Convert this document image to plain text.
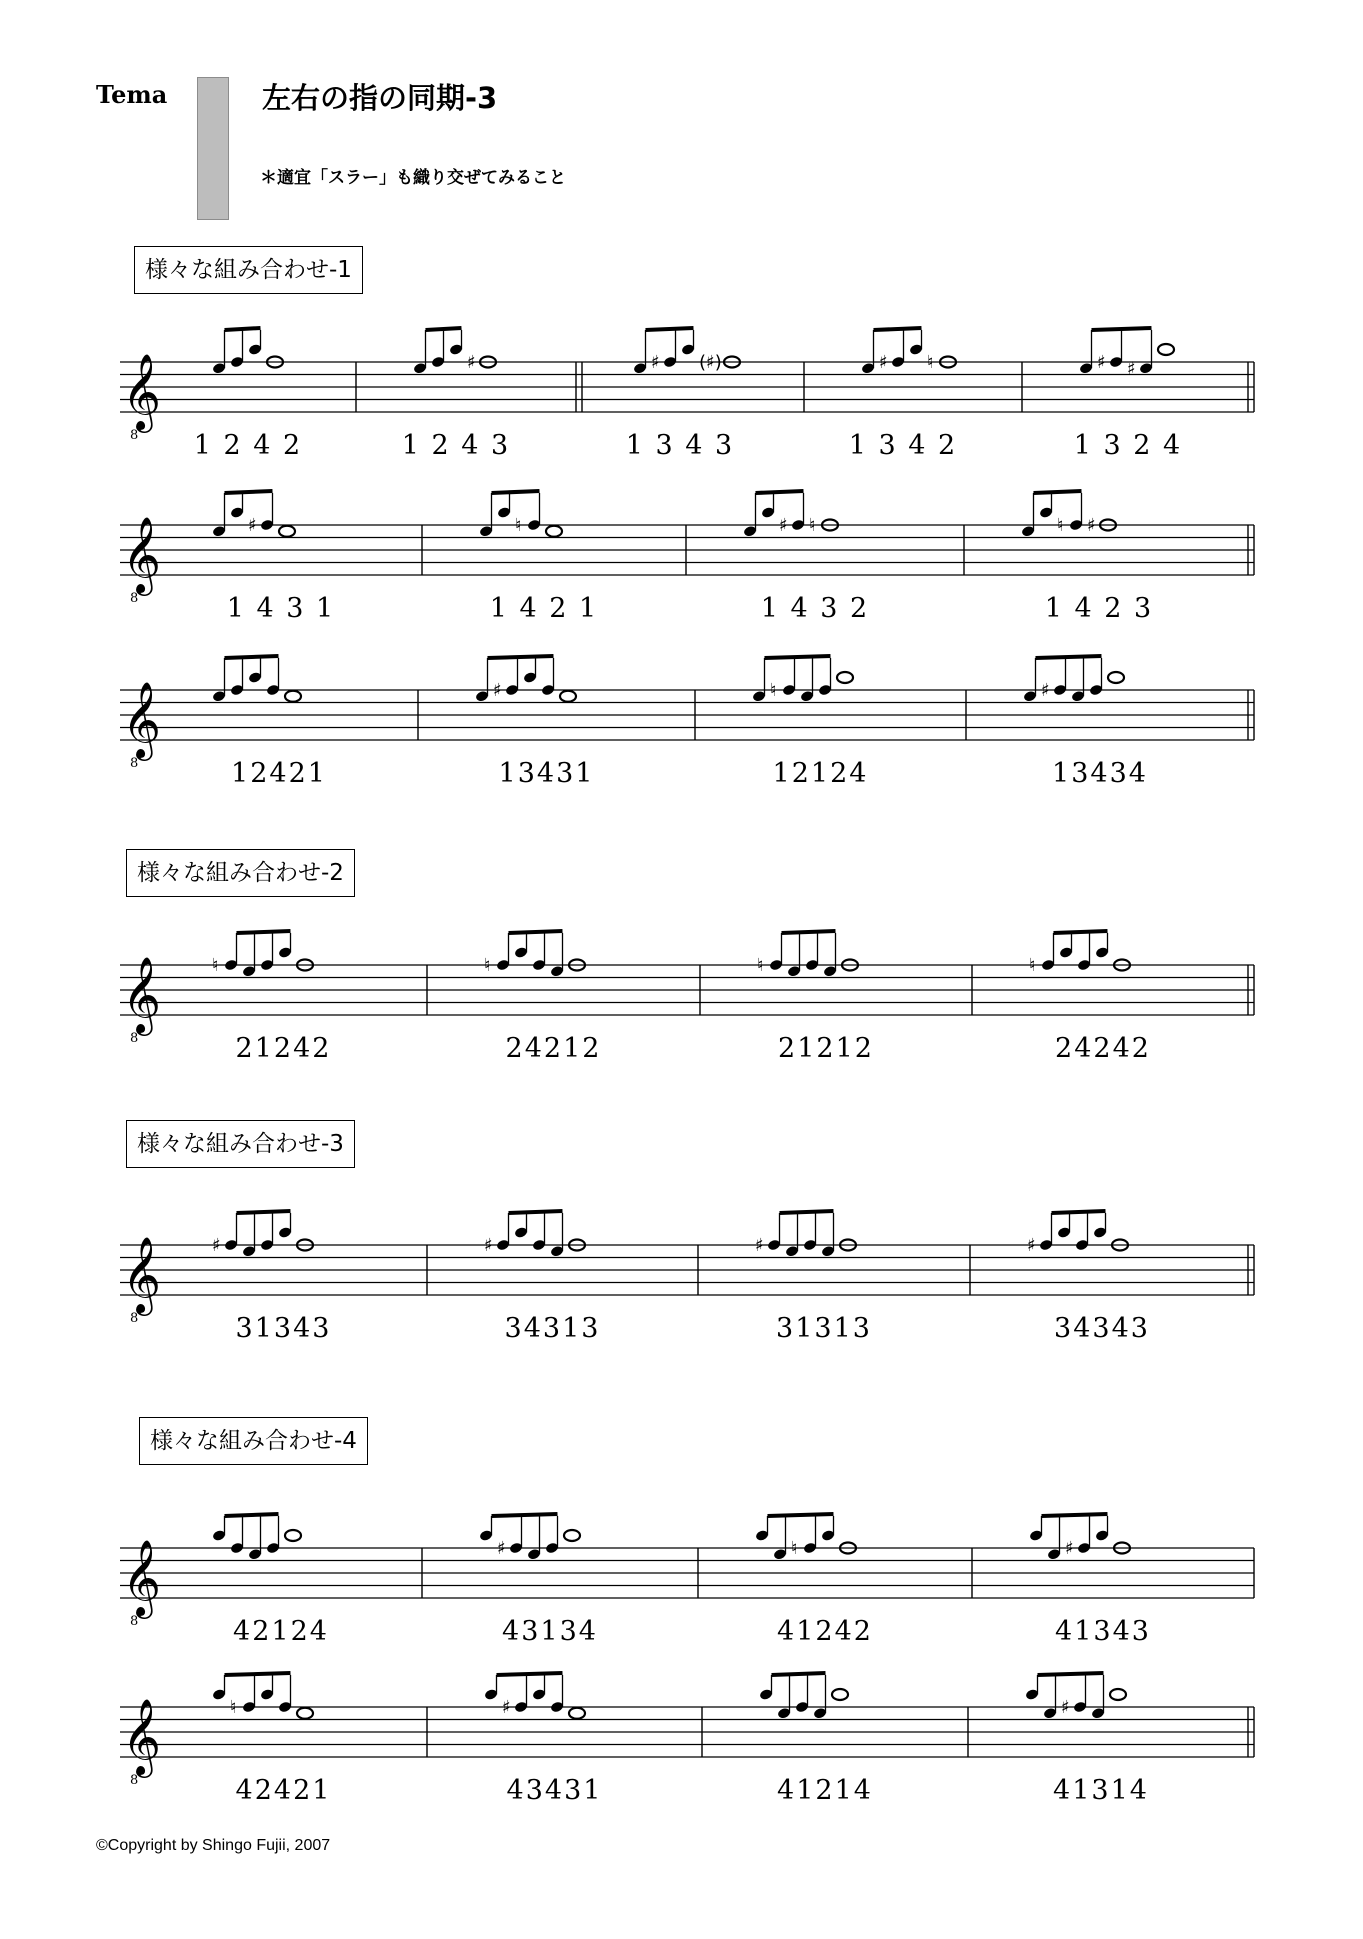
Tema	左右の指の同期-3
＊適宜「スラー」も織り交ぜてみること
様々な組み合わせ-1
様々な組み合わせ-2
様々な組み合わせ-3
様々な組み合わせ-4
𝄞
8 1 2 4 2
♯
1 2 4 3
♯ (♯)
1 3 4 3
♯ ♮
1 3 4 2
♯ ♯
1 3 2 4
𝄞
8
♯
1 4 3 1
♮
1 4 2 1
♯ ♮
1 4 3 2
♮ ♯
1 4 2 3
𝄞
8	12421
♯
13431
♮
12124
♯
13434
𝄞
8
♮
21242
♮
24212
♮
21212
♮
24242
𝄞
8
♯
31343
♯
34313
♯
31313
♯
34343
𝄞
8	42124
♯
43134
♮
41242
♯
41343
𝄞
8
♮
42421
♯
43431	41214
♯
41314
©Copyright by Shingo Fujii, 2007
